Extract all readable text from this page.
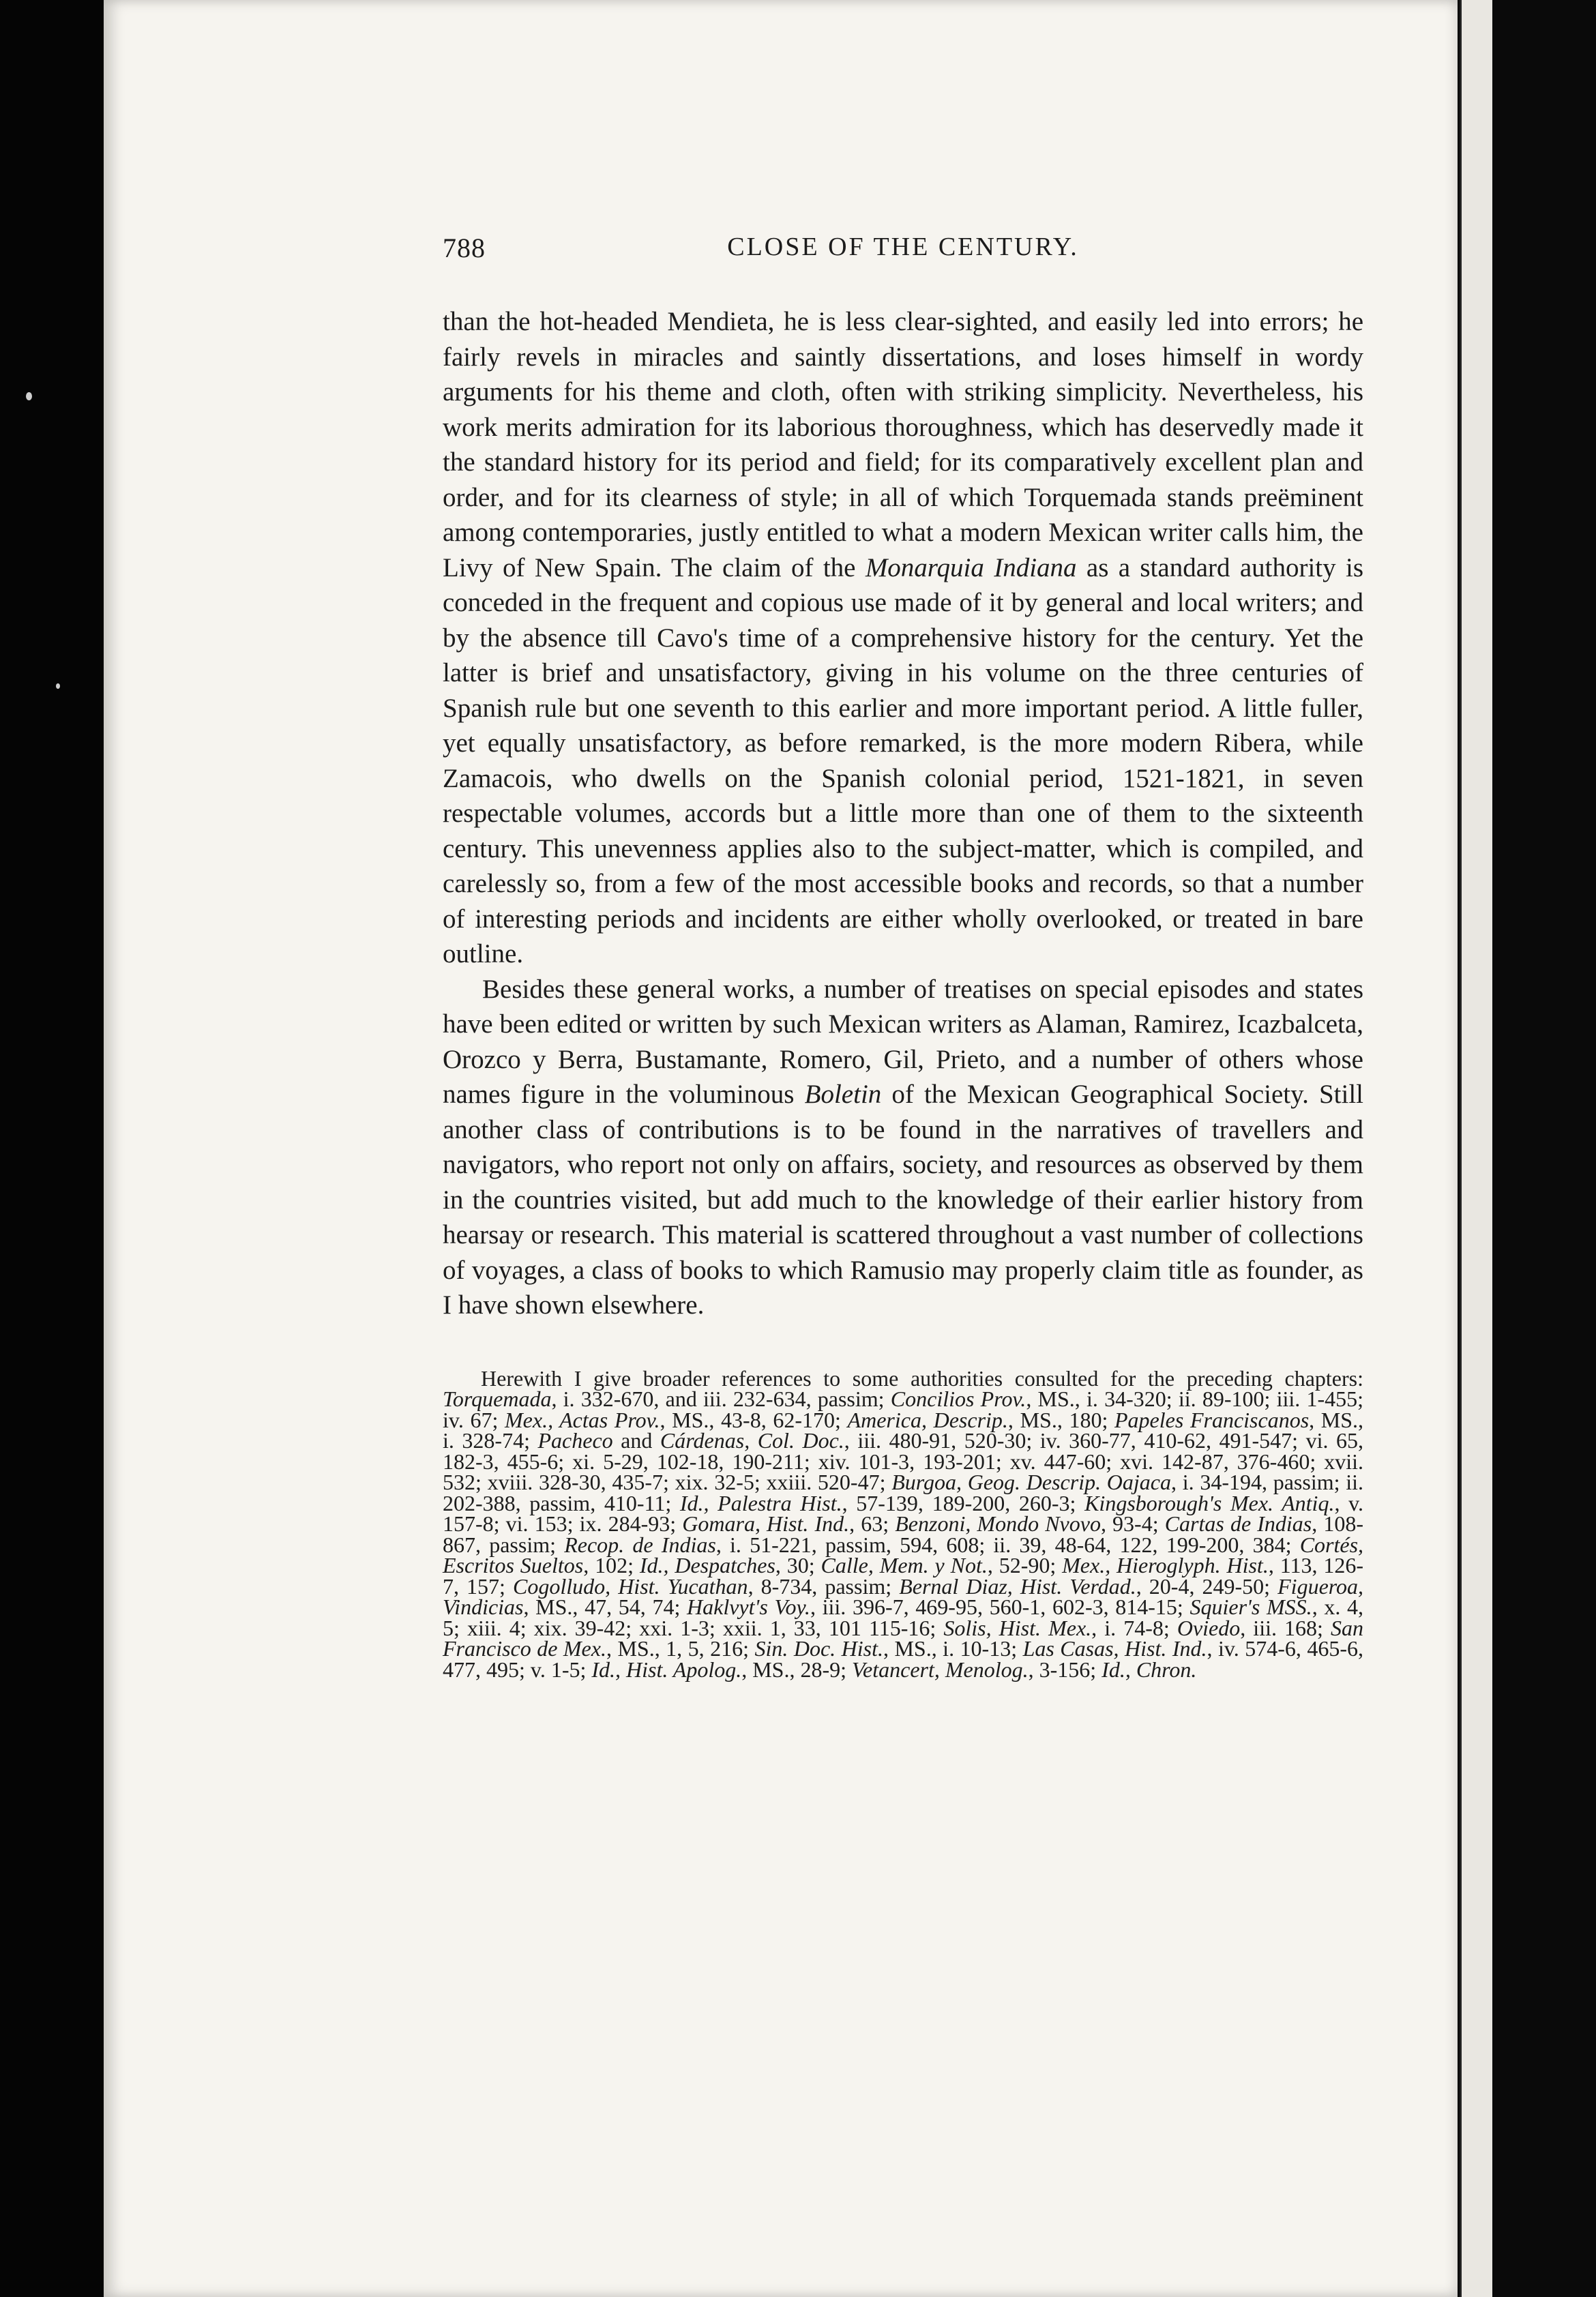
788	CLOSE OF THE CENTURY.

than the hot-headed Mendieta, he is less clear-sighted, and easily led into errors; he fairly revels in miracles and saintly dissertations, and loses himself in wordy arguments for his theme and cloth, often with striking simplicity. Nevertheless, his work merits admiration for its laborious thoroughness, which has deservedly made it the standard history for its period and field; for its comparatively excellent plan and order, and for its clearness of style; in all of which Torquemada stands preëminent among contemporaries, justly entitled to what a modern Mexican writer calls him, the Livy of New Spain. The claim of the Monarquia Indiana as a standard authority is conceded in the frequent and copious use made of it by general and local writers; and by the absence till Cavo's time of a comprehensive history for the century. Yet the latter is brief and unsatisfactory, giving in his volume on the three centuries of Spanish rule but one seventh to this earlier and more important period. A little fuller, yet equally unsatisfactory, as before remarked, is the more modern Ribera, while Zamacois, who dwells on the Spanish colonial period, 1521-1821, in seven respectable volumes, accords but a little more than one of them to the sixteenth century. This unevenness applies also to the subject-matter, which is compiled, and carelessly so, from a few of the most accessible books and records, so that a number of interesting periods and incidents are either wholly overlooked, or treated in bare outline.

Besides these general works, a number of treatises on special episodes and states have been edited or written by such Mexican writers as Alaman, Ramirez, Icazbalceta, Orozco y Berra, Bustamante, Romero, Gil, Prieto, and a number of others whose names figure in the voluminous Boletin of the Mexican Geographical Society. Still another class of contributions is to be found in the narratives of travellers and navigators, who report not only on affairs, society, and resources as observed by them in the countries visited, but add much to the knowledge of their earlier history from hearsay or research. This material is scattered throughout a vast number of collections of voyages, a class of books to which Ramusio may properly claim title as founder, as I have shown elsewhere.

Herewith I give broader references to some authorities consulted for the preceding chapters: Torquemada, i. 332-670, and iii. 232-634, passim; Concilios Prov., MS., i. 34-320; ii. 89-100; iii. 1-455; iv. 67; Mex., Actas Prov., MS., 43-8, 62-170; America, Descrip., MS., 180; Papeles Franciscanos, MS., i. 328-74; Pacheco and Cárdenas, Col. Doc., iii. 480-91, 520-30; iv. 360-77, 410-62, 491-547; vi. 65, 182-3, 455-6; xi. 5-29, 102-18, 190-211; xiv. 101-3, 193-201; xv. 447-60; xvi. 142-87, 376-460; xvii. 532; xviii. 328-30, 435-7; xix. 32-5; xxiii. 520-47; Burgoa, Geog. Descrip. Oajaca, i. 34-194, passim; ii. 202-388, passim, 410-11; Id., Palestra Hist., 57-139, 189-200, 260-3; Kingsborough's Mex. Antiq., v. 157-8; vi. 153; ix. 284-93; Gomara, Hist. Ind., 63; Benzoni, Mondo Nvovo, 93-4; Cartas de Indias, 108-867, passim; Recop. de Indias, i. 51-221, passim, 594, 608; ii. 39, 48-64, 122, 199-200, 384; Cortés, Escritos Sueltos, 102; Id., Despatches, 30; Calle, Mem. y Not., 52-90; Mex., Hieroglyph. Hist., 113, 126-7, 157; Cogolludo, Hist. Yucathan, 8-734, passim; Bernal Diaz, Hist. Verdad., 20-4, 249-50; Figueroa, Vindicias, MS., 47, 54, 74; Haklvyt's Voy., iii. 396-7, 469-95, 560-1, 602-3, 814-15; Squier's MSS., x. 4, 5; xiii. 4; xix. 39-42; xxi. 1-3; xxii. 1, 33, 101 115-16; Solis, Hist. Mex., i. 74-8; Oviedo, iii. 168; San Francisco de Mex., MS., 1, 5, 216; Sin. Doc. Hist., MS., i. 10-13; Las Casas, Hist. Ind., iv. 574-6, 465-6, 477, 495; v. 1-5; Id., Hist. Apolog., MS., 28-9; Vetancert, Menolog., 3-156; Id., Chron.
